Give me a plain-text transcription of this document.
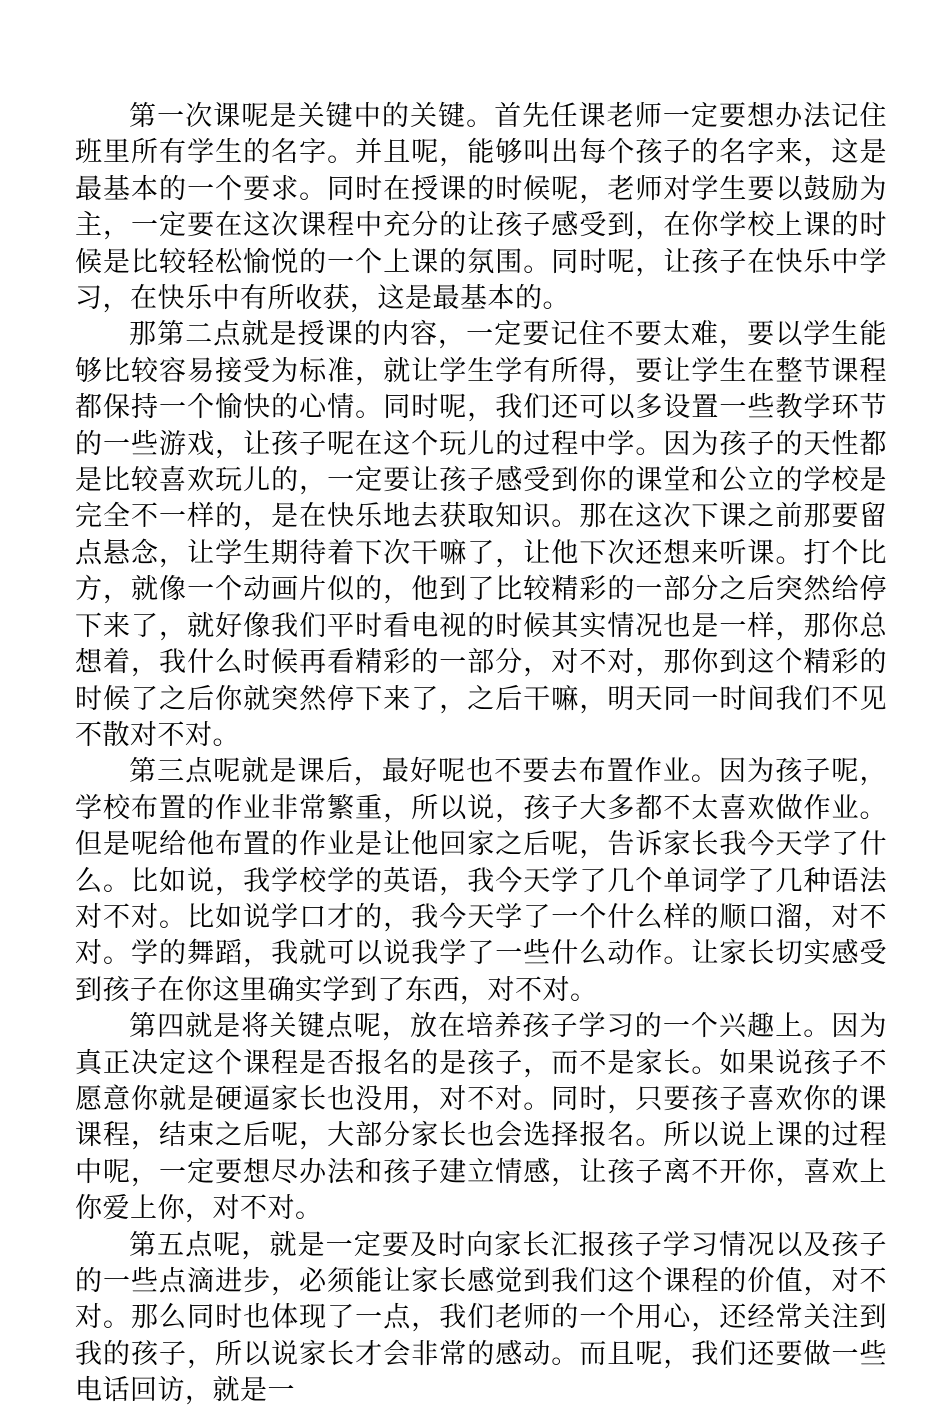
第一次课呢是关键中的关键。首先任课老师一定要想办法记住班里所有学生的名字。并且呢，能够叫出每个孩子的名字来，这是最基本的一个要求。同时在授课的时候呢，老师对学生要以鼓励为主，一定要在这次课程中充分的让孩子感受到，在你学校上课的时候是比较轻松愉悦的一个上课的氛围。同时呢，让孩子在快乐中学习，在快乐中有所收获，这是最基本的。

那第二点就是授课的内容，一定要记住不要太难，要以学生能够比较容易接受为标准，就让学生学有所得，要让学生在整节课程都保持一个愉快的心情。同时呢，我们还可以多设置一些教学环节的一些游戏，让孩子呢在这个玩儿的过程中学。因为孩子的天性都是比较喜欢玩儿的，一定要让孩子感受到你的课堂和公立的学校是完全不一样的，是在快乐地去获取知识。那在这次下课之前那要留点悬念，让学生期待着下次干嘛了，让他下次还想来听课。打个比方，就像一个动画片似的，他到了比较精彩的一部分之后突然给停下来了，就好像我们平时看电视的时候其实情况也是一样，那你总想着，我什么时候再看精彩的一部分，对不对，那你到这个精彩的时候了之后你就突然停下来了，之后干嘛，明天同一时间我们不见不散对不对。

第三点呢就是课后，最好呢也不要去布置作业。因为孩子呢，学校布置的作业非常繁重，所以说，孩子大多都不太喜欢做作业。但是呢给他布置的作业是让他回家之后呢，告诉家长我今天学了什么。比如说，我学校学的英语，我今天学了几个单词学了几种语法对不对。比如说学口才的，我今天学了一个什么样的顺口溜，对不对。学的舞蹈，我就可以说我学了一些什么动作。让家长切实感受到孩子在你这里确实学到了东西，对不对。

第四就是将关键点呢，放在培养孩子学习的一个兴趣上。因为真正决定这个课程是否报名的是孩子，而不是家长。如果说孩子不愿意你就是硬逼家长也没用，对不对。同时，只要孩子喜欢你的课课程，结束之后呢，大部分家长也会选择报名。所以说上课的过程中呢，一定要想尽办法和孩子建立情感，让孩子离不开你，喜欢上你爱上你，对不对。

第五点呢，就是一定要及时向家长汇报孩子学习情况以及孩子的一些点滴进步，必须能让家长感觉到我们这个课程的价值，对不对。那么同时也体现了一点，我们老师的一个用心，还经常关注到我的孩子，所以说家长才会非常的感动。而且呢，我们还要做一些电话回访，就是一
